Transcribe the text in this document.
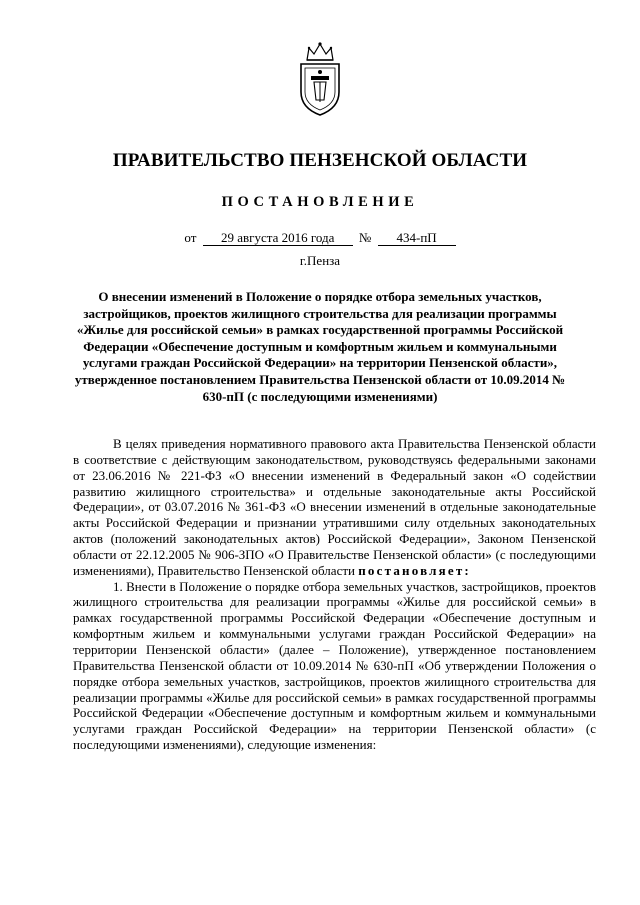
ПРАВИТЕЛЬСТВО ПЕНЗЕНСКОЙ ОБЛАСТИ
ПОСТАНОВЛЕНИЕ
от 29 августа 2016 года № 434-пП
г.Пенза
О внесении изменений в Положение о порядке отбора земельных участков, застройщиков, проектов жилищного строительства для реализации программы «Жилье для российской семьи» в рамках государственной программы Российской Федерации «Обеспечение доступным и комфортным жильем и коммунальными услугами граждан Российской Федерации» на территории Пензенской области», утвержденное постановлением Правительства Пензенской области от 10.09.2014 № 630-пП (с последующими изменениями)

В целях приведения нормативного правового акта Правительства Пензенской области в соответствие с действующим законодательством, руководствуясь федеральными законами от 23.06.2016 № 221-ФЗ «О внесении изменений в Федеральный закон «О содействии развитию жилищного строительства» и отдельные законодательные акты Российской Федерации», от 03.07.2016 № 361-ФЗ «О внесении изменений в отдельные законодательные акты Российской Федерации и признании утратившими силу отдельных законодательных актов (положений законодательных актов) Российской Федерации», Законом Пензенской области от 22.12.2005 № 906-ЗПО «О Правительстве Пензенской области» (с последующими изменениями), Правительство Пензенской области постановляет:

1. Внести в Положение о порядке отбора земельных участков, застройщиков, проектов жилищного строительства для реализации программы «Жилье для российской семьи» в рамках государственной программы Российской Федерации «Обеспечение доступным и комфортным жильем и коммунальными услугами граждан Российской Федерации» на территории Пензенской области» (далее – Положение), утвержденное постановлением Правительства Пензенской области от 10.09.2014 № 630-пП «Об утверждении Положения о порядке отбора земельных участков, застройщиков, проектов жилищного строительства для реализации программы «Жилье для российской семьи» в рамках государственной программы Российской Федерации «Обеспечение доступным и комфортным жильем и коммунальными услугами граждан Российской Федерации» на территории Пензенской области» (с последующими изменениями), следующие изменения:
